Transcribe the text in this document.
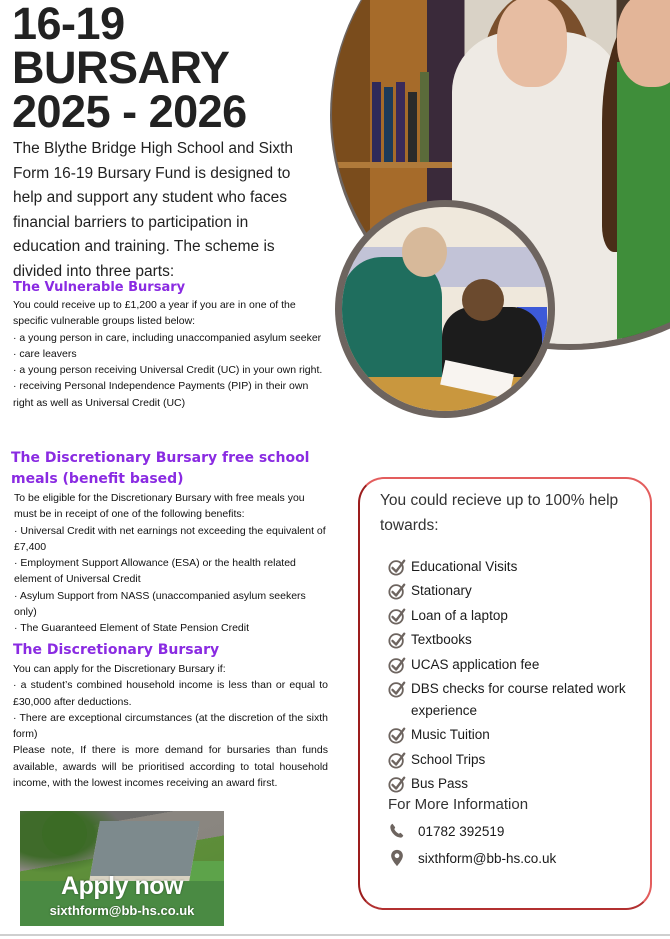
16-19
BURSARY
2025 - 2026

The Blythe Bridge High School and Sixth Form 16-19 Bursary Fund is designed to help and support any student who faces financial barriers to participation in education and training. The scheme is divided into three parts:

The Vulnerable Bursary

You could receive up to £1,200 a year if you are in one of the specific vulnerable groups listed below:

· a young person in care, including unaccompanied asylum seeker

· care leavers

· a young person receiving Universal Credit (UC) in your own right.

· receiving Personal Independence Payments (PIP) in their own right as well as Universal Credit (UC)

The Discretionary Bursary free school meals (benefit based)

To be eligible for the Discretionary Bursary with free meals you must be in receipt of one of the following benefits:

· Universal Credit with net earnings not exceeding the equivalent of £7,400

· Employment Support Allowance (ESA) or the health related element of Universal Credit

· Asylum Support from NASS (unaccompanied asylum seekers only)

· The Guaranteed Element of State Pension Credit

The Discretionary Bursary

You can apply for the Discretionary Bursary if:

· a student’s combined household income is less than or equal to £30,000 after deductions.

· There are exceptional circumstances (at the discretion of the sixth form)

Please note, If there is more demand for bursaries than funds available, awards will be prioritised according to total household income, with the lowest incomes receiving an award first.

Apply now
sixthform@bb-hs.co.uk

You could recieve up to 100% help towards:

Educational Visits
Stationary
Loan of a laptop
Textbooks
UCAS application fee
DBS checks for course related work experience
Music Tuition
School Trips
Bus Pass

For More Information

01782 392519
sixthform@bb-hs.co.uk
